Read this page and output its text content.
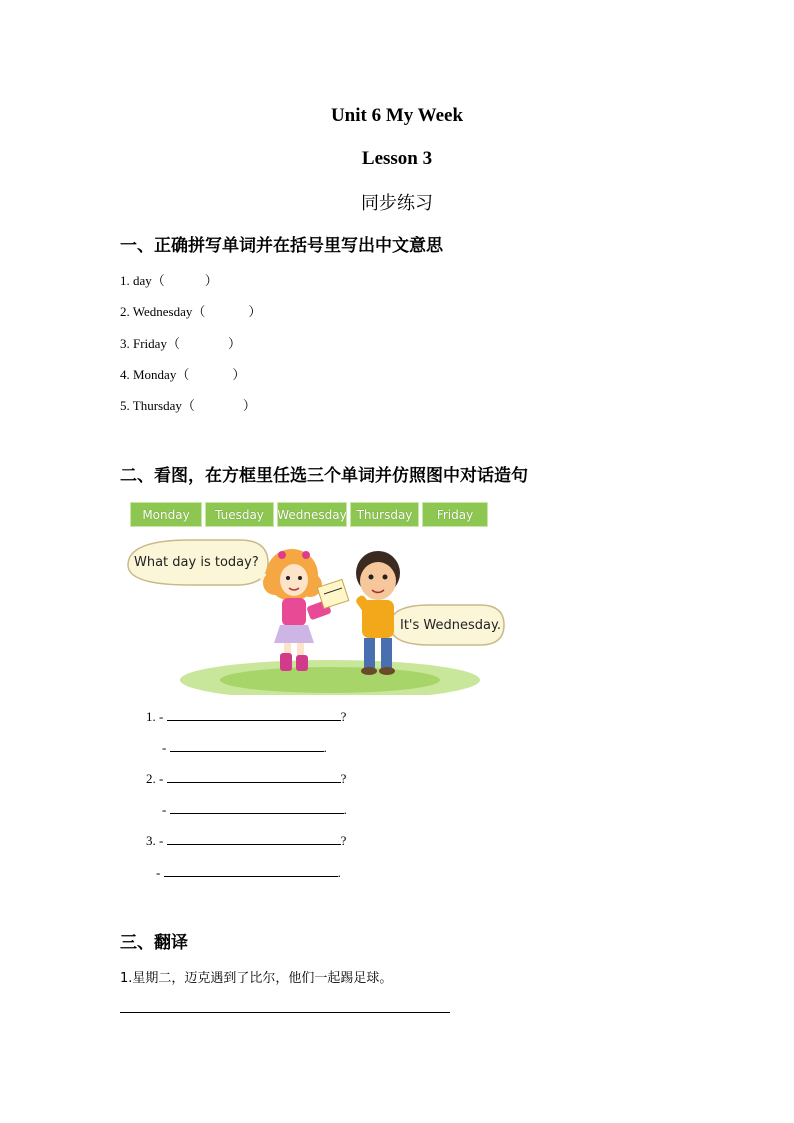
Unit 6 My Week
Lesson 3
同步练习
一、正确拼写单词并在括号里写出中文意思
1. day（	）
2. Wednesday（	）
3. Friday（	）
4. Monday（	）
5. Thursday（	）
二、看图，在方框里任选三个单词并仿照图中对话造句
Monday	Tuesday	Wednesday Thursday	Friday
What day is today?
It's Wednesday.
1. -	?
-	.
2. -	?
-	.
3. -	?
-	.
三、翻译
1.星期二，迈克遇到了比尔，他们一起踢足球。
